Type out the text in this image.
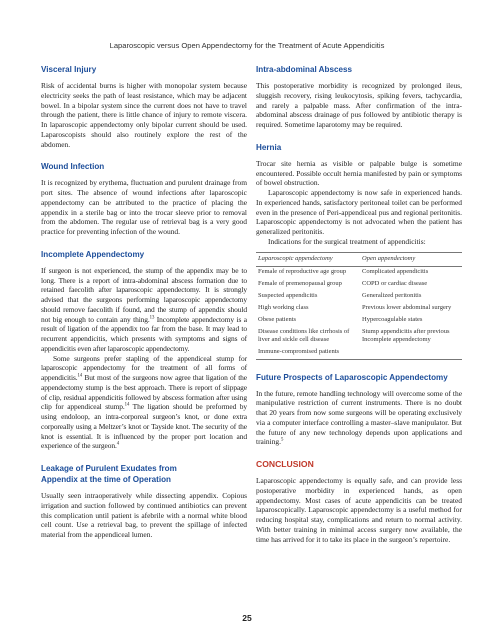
Laparoscopic versus Open Appendectomy for the Treatment of Acute Appendicitis
Visceral Injury

Risk of accidental burns is higher with monopolar system because electricity seeks the path of least resistance, which may be adjacent bowel. In a bipolar system since the current does not have to travel through the patient, there is little chance of injury to remote viscera. In laparoscopic appendectomy only bipolar current should be used. Laparoscopists should also routinely explore the rest of the abdomen.

Wound Infection

It is recognized by erythema, fluctuation and purulent drainage from port sites. The absence of wound infections after laparoscopic appendectomy can be attributed to the practice of placing the appendix in a sterile bag or into the trocar sleeve prior to removal from the abdomen. The regular use of retrieval bag is a very good practice for preventing infection of the wound.

Incomplete Appendectomy

If surgeon is not experienced, the stump of the appendix may be to long. There is a report of intra-abdominal abscess formation due to retained faecolith after laparoscopic appendectomy. It is strongly advised that the surgeons performing laparoscopic appendectomy should remove faecolith if found, and the stump of appendix should not big enough to contain any thing.$^{13}$ Incomplete appendectomy is a result of ligation of the appendix too far from the base. It may lead to recurrent appendicitis, which presents with symptoms and signs of appendicitis even after laparoscopic appendectomy.

Some surgeons prefer stapling of the appendiceal stump for laparoscopic appendectomy for the treatment of all forms of appendicitis.$^{14}$ But most of the surgeons now agree that ligation of the appendectomy stump is the best approach. There is report of slippage of clip, residual appendicitis followed by abscess formation after using clip for appendiceal stump.$^{14}$ The ligation should be preformed by using endoloop, an intra-corporeal surgeon’s knot, or done extra corporeally using a Meltzer’s knot or Tayside knot. The security of the knot is essential. It is influenced by the proper port location and experience of the surgeon.$^4$

Leakage of Purulent Exudates from
Appendix at the time of Operation

Usually seen intraoperatively while dissecting appendix. Copious irrigation and suction followed by continued antibiotics can prevent this complication until patient is afebrile with a normal white blood cell count. Use a retrieval bag, to prevent the spillage of infected material from the appendiceal lumen.

Intra-abdominal Abscess

This postoperative morbidity is recognized by prolonged ileus, sluggish recovery, rising leukocytosis, spiking fevers, tachycardia, and rarely a palpable mass. After confirmation of the intra-abdominal abscess drainage of pus followed by antibiotic therapy is required. Sometime laparotomy may be required.

Hernia

Trocar site hernia as visible or palpable bulge is sometime encountered. Possible occult hernia manifested by pain or symptoms of bowel obstruction.

Laparoscopic appendectomy is now safe in experienced hands. In experienced hands, satisfactory peritoneal toilet can be performed even in the presence of Peri-appendiceal pus and regional peritonitis. Laparoscopic appendectomy is not advocated when the patient has generalized peritonitis.

Indications for the surgical treatment of appendicitis:

Laparoscopic appendectomy	Open appendectomy
Female of reproductive age group	Complicated appendicitis
Female of premenopausal group	COPD or cardiac disease
Suspected appendicitis	Generalized peritonitis
High working class	Previous lower abdominal surgery
Obese patients	Hypercoagulable states
Disease conditions like cirrhosis of liver and sickle cell disease	Stump appendicitis after previous Incomplete appendectomy
Immune-compromised patients	
Future Prospects of Laparoscopic Appendectomy

In the future, remote handling technology will overcome some of the manipulative restriction of current instruments. There is no doubt that 20 years from now some surgeons will be operating exclusively via a computer interface controlling a master–slave manipulator. But the future of any new technology depends upon applications and training.$^5$

CONCLUSION

Laparoscopic appendectomy is equally safe, and can provide less postoperative morbidity in experienced hands, as open appendectomy. Most cases of acute appendicitis can be treated laparoscopically. Laparoscopic appendectomy is a useful method for reducing hospital stay, complications and return to normal activity. With better training in minimal access surgery now available, the time has arrived for it to take its place in the surgeon’s repertoire.

25
